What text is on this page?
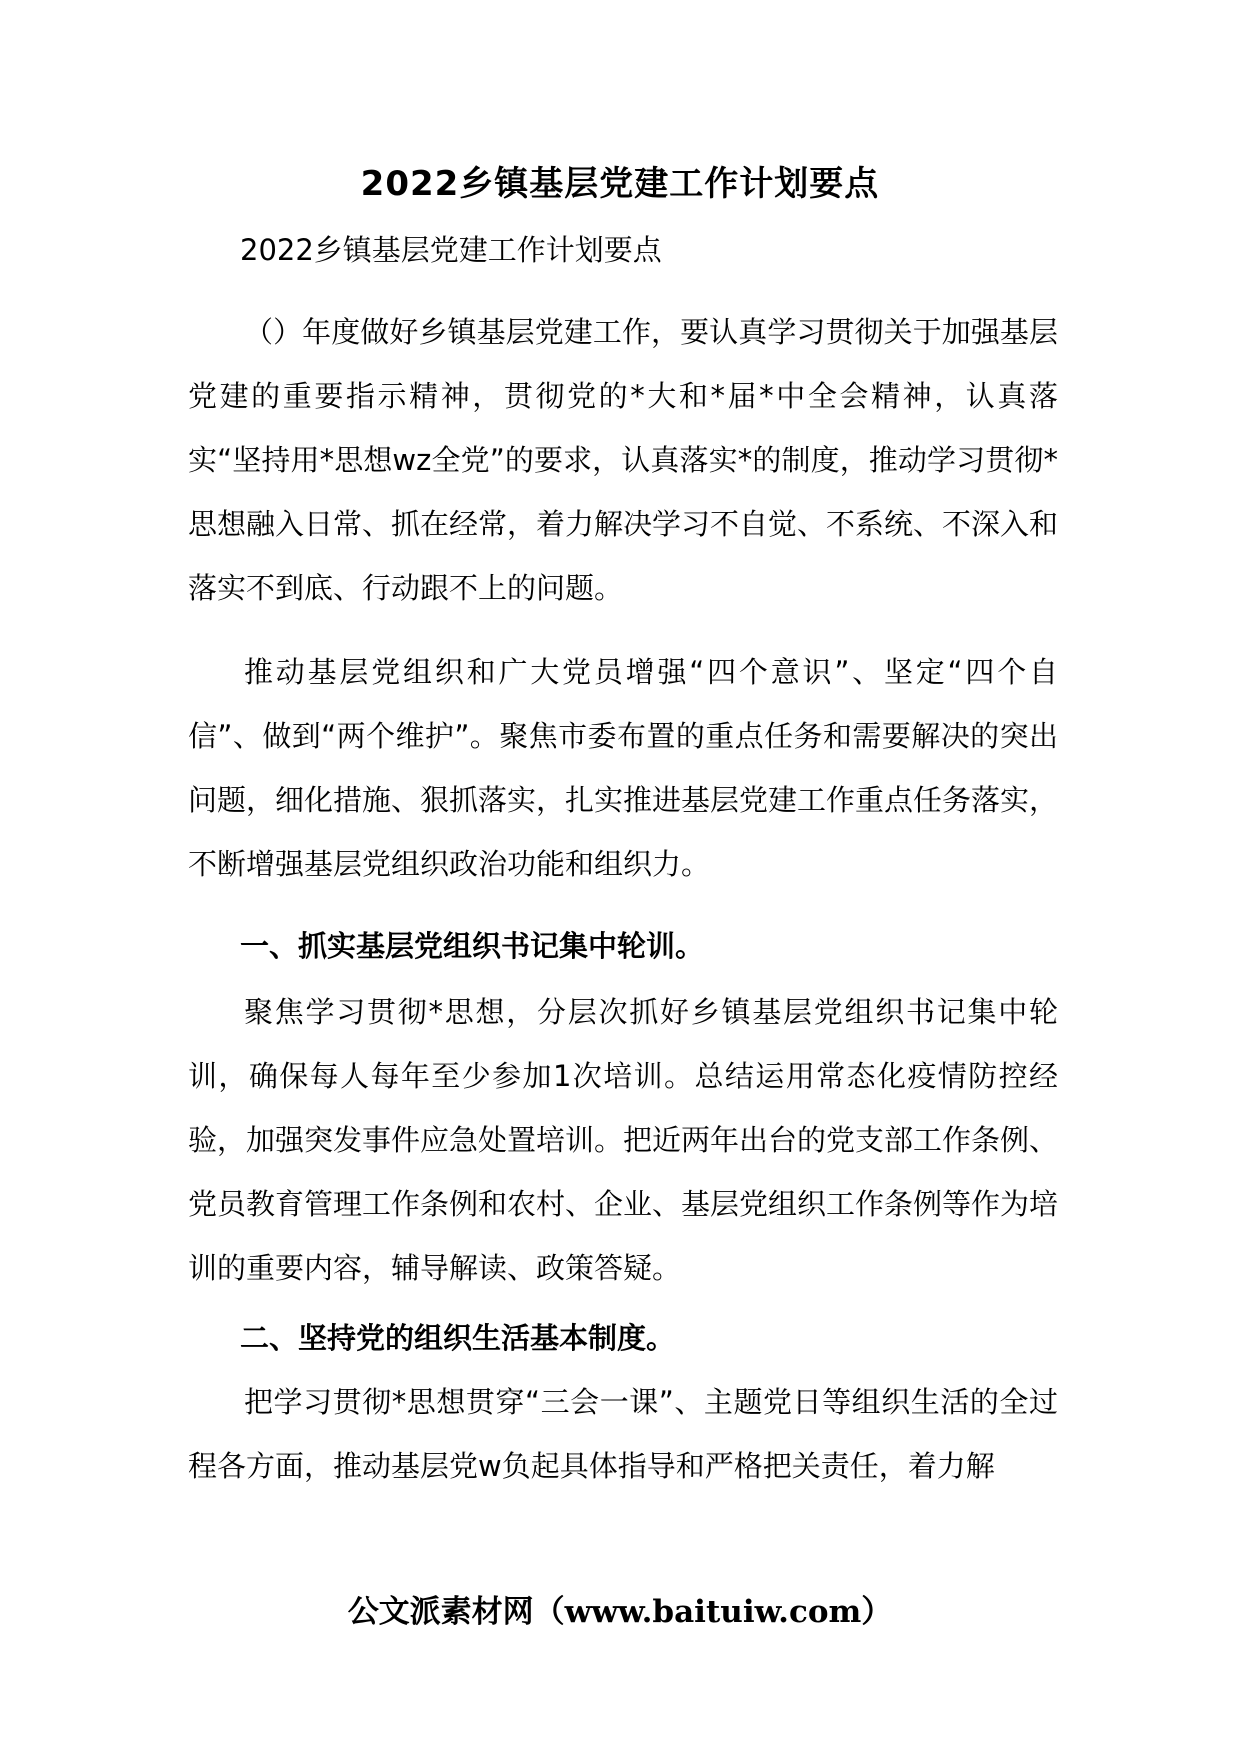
2022乡镇基层党建工作计划要点
2022乡镇基层党建工作计划要点
（）年度做好乡镇基层党建工作，要认真学习贯彻关于加强基层党建的重要指示精神，贯彻党的*大和*届*中全会精神，认真落实“坚持用*思想wz全党”的要求，认真落实*的制度，推动学习贯彻*思想融入日常、抓在经常，着力解决学习不自觉、不系统、不深入和落实不到底、行动跟不上的问题。
推动基层党组织和广大党员增强“四个意识”、坚定“四个自信”、做到“两个维护”。聚焦市委布置的重点任务和需要解决的突出问题，细化措施、狠抓落实，扎实推进基层党建工作重点任务落实，不断增强基层党组织政治功能和组织力。
一、抓实基层党组织书记集中轮训。
聚焦学习贯彻*思想，分层次抓好乡镇基层党组织书记集中轮训，确保每人每年至少参加1次培训。总结运用常态化疫情防控经验，加强突发事件应急处置培训。把近两年出台的党支部工作条例、党员教育管理工作条例和农村、企业、基层党组织工作条例等作为培训的重要内容，辅导解读、政策答疑。
二、坚持党的组织生活基本制度。
把学习贯彻*思想贯穿“三会一课”、主题党日等组织生活的全过程各方面，推动基层党w负起具体指导和严格把关责任，着力解
公文派素材网（www.baituiw.com）
